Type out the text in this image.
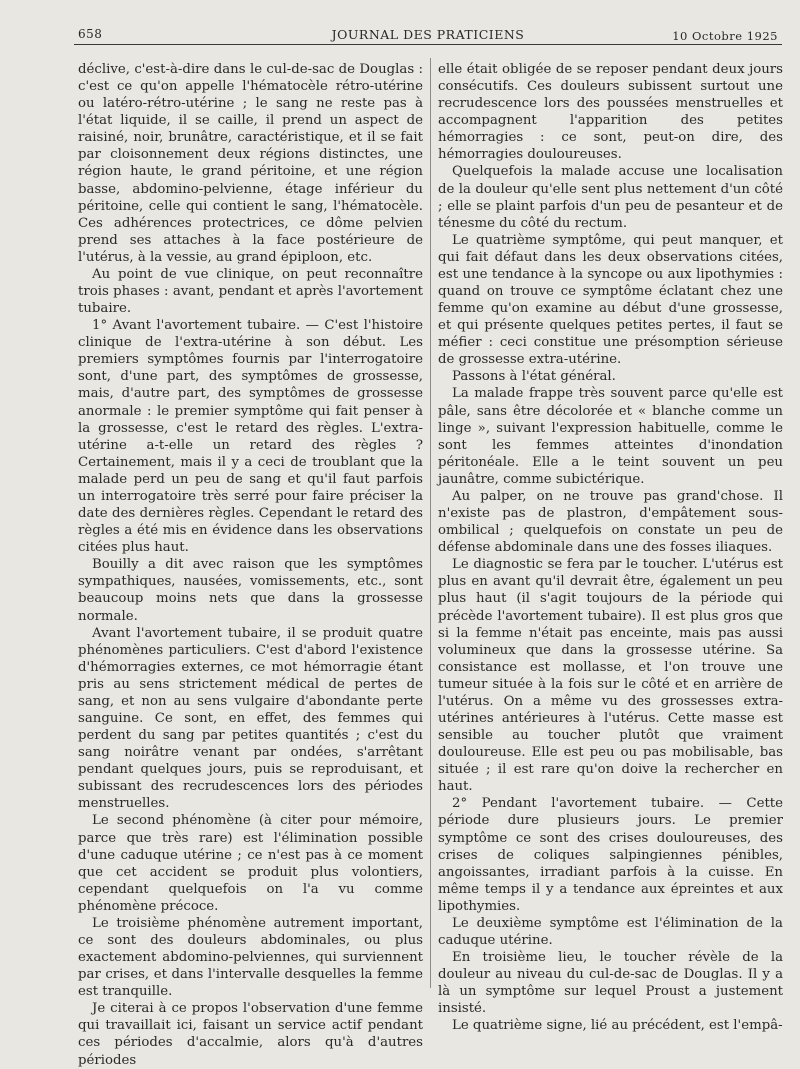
658	JOURNAL DES PRATICIENS	10 Octobre 1925

déclive, c'est-à-dire dans le cul-de-sac de Douglas : c'est ce qu'on appelle l'hématocèle rétro-utérine ou latéro-rétro-utérine ; le sang ne reste pas à l'état liquide, il se caille, il prend un aspect de raisiné, noir, brunâtre, caractéristique, et il se fait par cloisonnement deux régions distinctes, une région haute, le grand péritoine, et une région basse, abdomino-pelvienne, étage inférieur du péritoine, celle qui contient le sang, l'hématocèle. Ces adhérences protectrices, ce dôme pelvien prend ses attaches à la face postérieure de l'utérus, à la vessie, au grand épiploon, etc.

Au point de vue clinique, on peut reconnaître trois phases : avant, pendant et après l'avortement tubaire.

1° Avant l'avortement tubaire. — C'est l'histoire clinique de l'extra-utérine à son début. Les premiers symptômes fournis par l'interrogatoire sont, d'une part, des symptômes de grossesse, mais, d'autre part, des symptômes de grossesse anormale : le premier symptôme qui fait penser à la grossesse, c'est le retard des règles. L'extra-utérine a-t-elle un retard des règles ? Certainement, mais il y a ceci de troublant que la malade perd un peu de sang et qu'il faut parfois un interrogatoire très serré pour faire préciser la date des dernières règles. Cependant le retard des règles a été mis en évidence dans les observations citées plus haut.

Bouilly a dit avec raison que les symptômes sympathiques, nausées, vomissements, etc., sont beaucoup moins nets que dans la grossesse normale.

Avant l'avortement tubaire, il se produit quatre phénomènes particuliers. C'est d'abord l'existence d'hémorragies externes, ce mot hémorragie étant pris au sens strictement médical de pertes de sang, et non au sens vulgaire d'abondante perte sanguine. Ce sont, en effet, des femmes qui perdent du sang par petites quantités ; c'est du sang noirâtre venant par ondées, s'arrêtant pendant quelques jours, puis se reproduisant, et subissant des recrudescences lors des périodes menstruelles.

Le second phénomène (à citer pour mémoire, parce que très rare) est l'élimination possible d'une caduque utérine ; ce n'est pas à ce moment que cet accident se produit plus volontiers, cependant quelquefois on l'a vu comme phénomène précoce.

Le troisième phénomène autrement important, ce sont des douleurs abdominales, ou plus exactement abdomino-pelviennes, qui surviennent par crises, et dans l'intervalle desquelles la femme est tranquille.

Je citerai à ce propos l'observation d'une femme qui travaillait ici, faisant un service actif pendant ces périodes d'accalmie, alors qu'à d'autres périodes

elle était obligée de se reposer pendant deux jours consécutifs. Ces douleurs subissent surtout une recrudescence lors des poussées menstruelles et accompagnent l'apparition des petites hémorragies : ce sont, peut-on dire, des hémorragies douloureuses.

Quelquefois la malade accuse une localisation de la douleur qu'elle sent plus nettement d'un côté ; elle se plaint parfois d'un peu de pesanteur et de ténesme du côté du rectum.

Le quatrième symptôme, qui peut manquer, et qui fait défaut dans les deux observations citées, est une tendance à la syncope ou aux lipothymies : quand on trouve ce symptôme éclatant chez une femme qu'on examine au début d'une grossesse, et qui présente quelques petites pertes, il faut se méfier : ceci constitue une présomption sérieuse de grossesse extra-utérine.

Passons à l'état général.

La malade frappe très souvent parce qu'elle est pâle, sans être décolorée et « blanche comme un linge », suivant l'expression habituelle, comme le sont les femmes atteintes d'inondation péritonéale. Elle a le teint souvent un peu jaunâtre, comme subictérique.

Au palper, on ne trouve pas grand'chose. Il n'existe pas de plastron, d'empâtement sous-ombilical ; quelquefois on constate un peu de défense abdominale dans une des fosses iliaques.

Le diagnostic se fera par le toucher. L'utérus est plus en avant qu'il devrait être, également un peu plus haut (il s'agit toujours de la période qui précède l'avortement tubaire). Il est plus gros que si la femme n'était pas enceinte, mais pas aussi volumineux que dans la grossesse utérine. Sa consistance est mollasse, et l'on trouve une tumeur située à la fois sur le côté et en arrière de l'utérus. On a même vu des grossesses extra-utérines antérieures à l'utérus. Cette masse est sensible au toucher plutôt que vraiment douloureuse. Elle est peu ou pas mobilisable, bas située ; il est rare qu'on doive la rechercher en haut.

2° Pendant l'avortement tubaire. — Cette période dure plusieurs jours. Le premier symptôme ce sont des crises douloureuses, des crises de coliques salpingiennes pénibles, angoissantes, irradiant parfois à la cuisse. En même temps il y a tendance aux épreintes et aux lipothymies.

Le deuxième symptôme est l'élimination de la caduque utérine.

En troisième lieu, le toucher révèle de la douleur au niveau du cul-de-sac de Douglas. Il y a là un symptôme sur lequel Proust a justement insisté.

Le quatrième signe, lié au précédent, est l'empâ-
